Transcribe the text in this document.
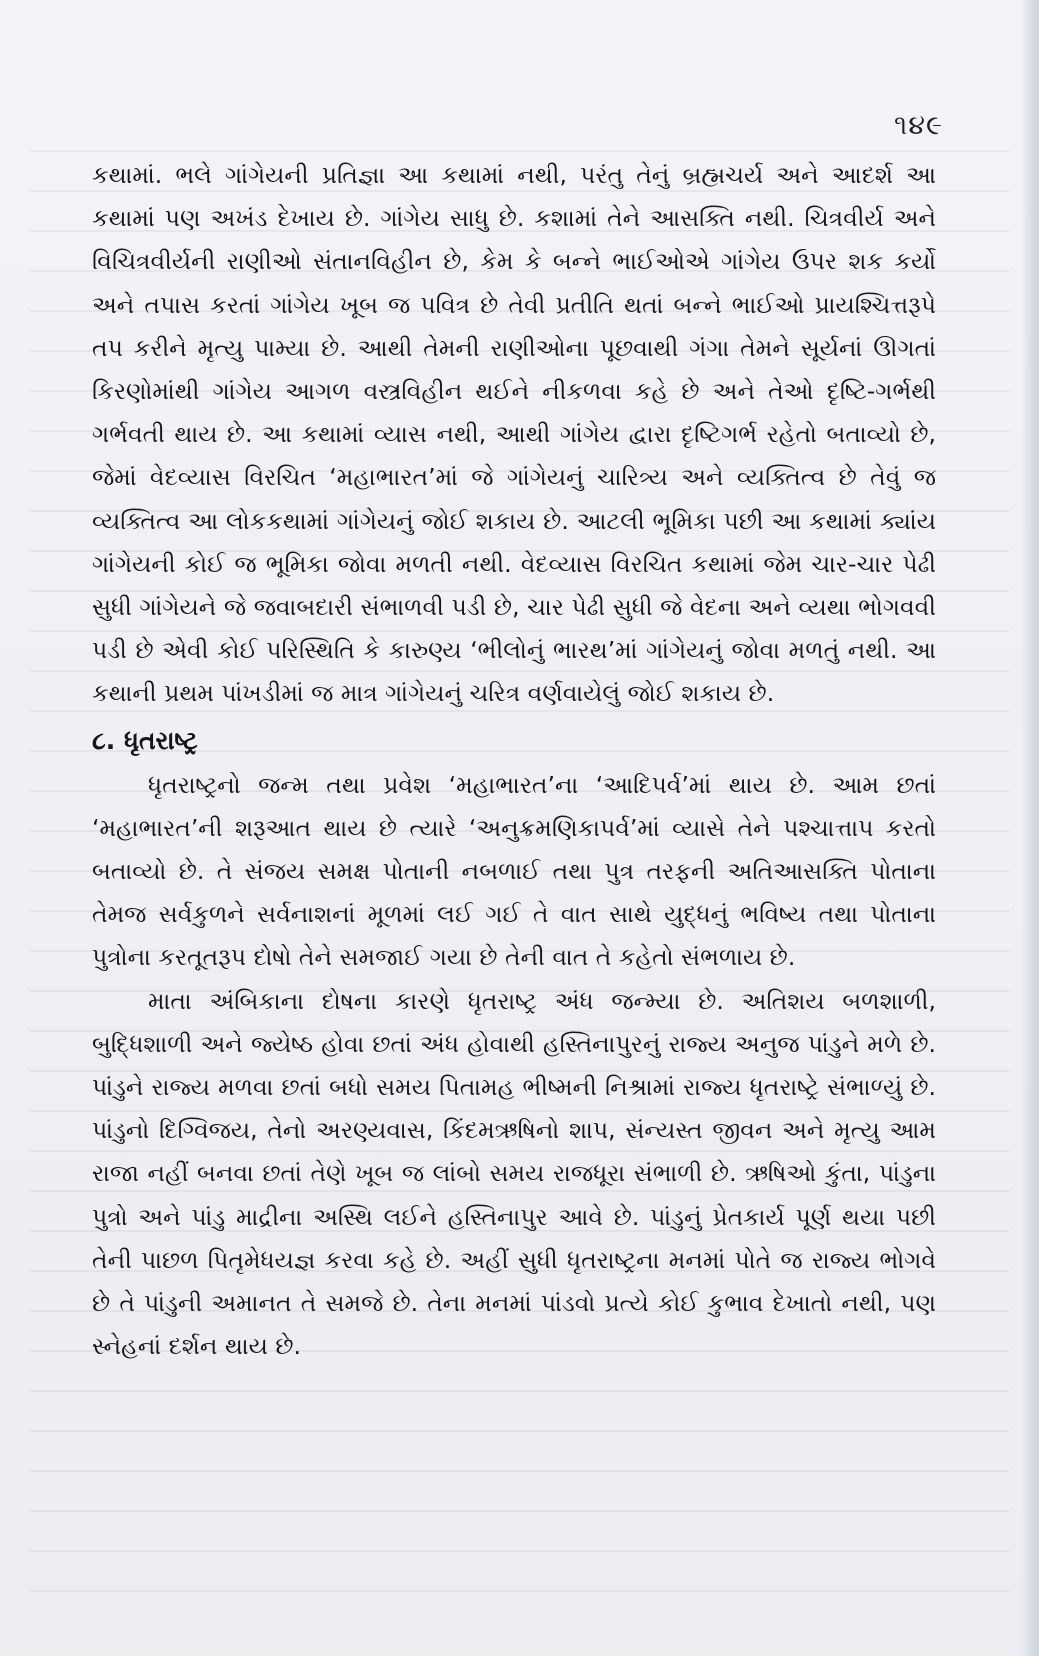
૧૪૯

કથામાં. ભલે ગાંગેયની પ્રતિજ્ઞા આ કથામાં નથી, પરંતુ તેનું બ્રહ્મચર્ય અને આદર્શ આ કથામાં પણ અખંડ દેખાય છે. ગાંગેય સાધુ છે. કશામાં તેને આસક્તિ નથી. ચિત્રવીર્ય અને વિચિત્રવીર્યની રાણીઓ સંતાનવિહીન છે, કેમ કે બન્ને ભાઈઓએ ગાંગેય ઉપર શક કર્યો અને તપાસ કરતાં ગાંગેય ખૂબ જ પવિત્ર છે તેવી પ્રતીતિ થતાં બન્ને ભાઈઓ પ્રાયશ્ચિત્તરૂપે તપ કરીને મૃત્યુ પામ્યા છે. આથી તેમની રાણીઓના પૂછવાથી ગંગા તેમને સૂર્યનાં ઊગતાં કિરણોમાંથી ગાંગેય આગળ વસ્ત્રવિહીન થઈને નીકળવા કહે છે અને તેઓ દૃષ્ટિ-ગર્ભથી ગર્ભવતી થાય છે. આ કથામાં વ્યાસ નથી, આથી ગાંગેય દ્વારા દૃષ્ટિગર્ભ રહેતો બતાવ્યો છે, જેમાં વેદવ્યાસ વિરચિત ‘મહાભારત’માં જે ગાંગેયનું ચારિત્ર્ય અને વ્યક્તિત્વ છે તેવું જ વ્યક્તિત્વ આ લોકકથામાં ગાંગેયનું જોઈ શકાય છે. આટલી ભૂમિકા પછી આ કથામાં ક્યાંય ગાંગેયની કોઈ જ ભૂમિકા જોવા મળતી નથી. વેદવ્યાસ વિરચિત કથામાં જેમ ચાર-ચાર પેઢી સુધી ગાંગેયને જે જવાબદારી સંભાળવી પડી છે, ચાર પેઢી સુધી જે વેદના અને વ્યથા ભોગવવી પડી છે એવી કોઈ પરિસ્થિતિ કે કારુણ્ય ‘ભીલોનું ભારથ’માં ગાંગેયનું જોવા મળતું નથી. આ કથાની પ્રથમ પાંખડીમાં જ માત્ર ગાંગેયનું ચરિત્ર વર્ણવાયેલું જોઈ શકાય છે.

૮. ધૃતરાષ્ટ્ર

ધૃતરાષ્ટ્રનો જન્મ તથા પ્રવેશ ‘મહાભારત’ના ‘આદિપર્વ’માં થાય છે. આમ છતાં ‘મહાભારત’ની શરૂઆત થાય છે ત્યારે ‘અનુક્રમણિકાપર્વ’માં વ્યાસે તેને પશ્ચાત્તાપ કરતો બતાવ્યો છે. તે સંજય સમક્ષ પોતાની નબળાઈ તથા પુત્ર તરફની અતિઆસક્તિ પોતાના તેમજ સર્વકુળને સર્વનાશનાં મૂળમાં લઈ ગઈ તે વાત સાથે યુદ્ધનું ભવિષ્ય તથા પોતાના પુત્રોના કરતૂતરૂપ દોષો તેને સમજાઈ ગયા છે તેની વાત તે કહેતો સંભળાય છે.

માતા અંબિકાના દોષના કારણે ધૃતરાષ્ટ્ર અંધ જન્મ્યા છે. અતિશય બળશાળી, બુદ્ધિશાળી અને જ્યેષ્ઠ હોવા છતાં અંધ હોવાથી હસ્તિનાપુરનું રાજ્ય અનુજ પાંડુને મળે છે. પાંડુને રાજ્ય મળવા છતાં બધો સમય પિતામહ ભીષ્મની નિશ્રામાં રાજ્ય ધૃતરાષ્ટ્રે સંભાળ્યું છે. પાંડુનો દિગ્વિજય, તેનો અરણ્યવાસ, કિંદમઋષિનો શાપ, સંન્યસ્ત જીવન અને મૃત્યુ આમ રાજા નહીં બનવા છતાં તેણે ખૂબ જ લાંબો સમય રાજધૂરા સંભાળી છે. ઋષિઓ કુંતા, પાંડુના પુત્રો અને પાંડુ માદ્રીના અસ્થિ લઈને હસ્તિનાપુર આવે છે. પાંડુનું પ્રેતકાર્ય પૂર્ણ થયા પછી તેની પાછળ પિતૃમેધયજ્ઞ કરવા કહે છે. અહીં સુધી ધૃતરાષ્ટ્રના મનમાં પોતે જ રાજ્ય ભોગવે છે તે પાંડુની અમાનત તે સમજે છે. તેના મનમાં પાંડવો પ્રત્યે કોઈ કુભાવ દેખાતો નથી, પણ સ્નેહનાં દર્શન થાય છે.
